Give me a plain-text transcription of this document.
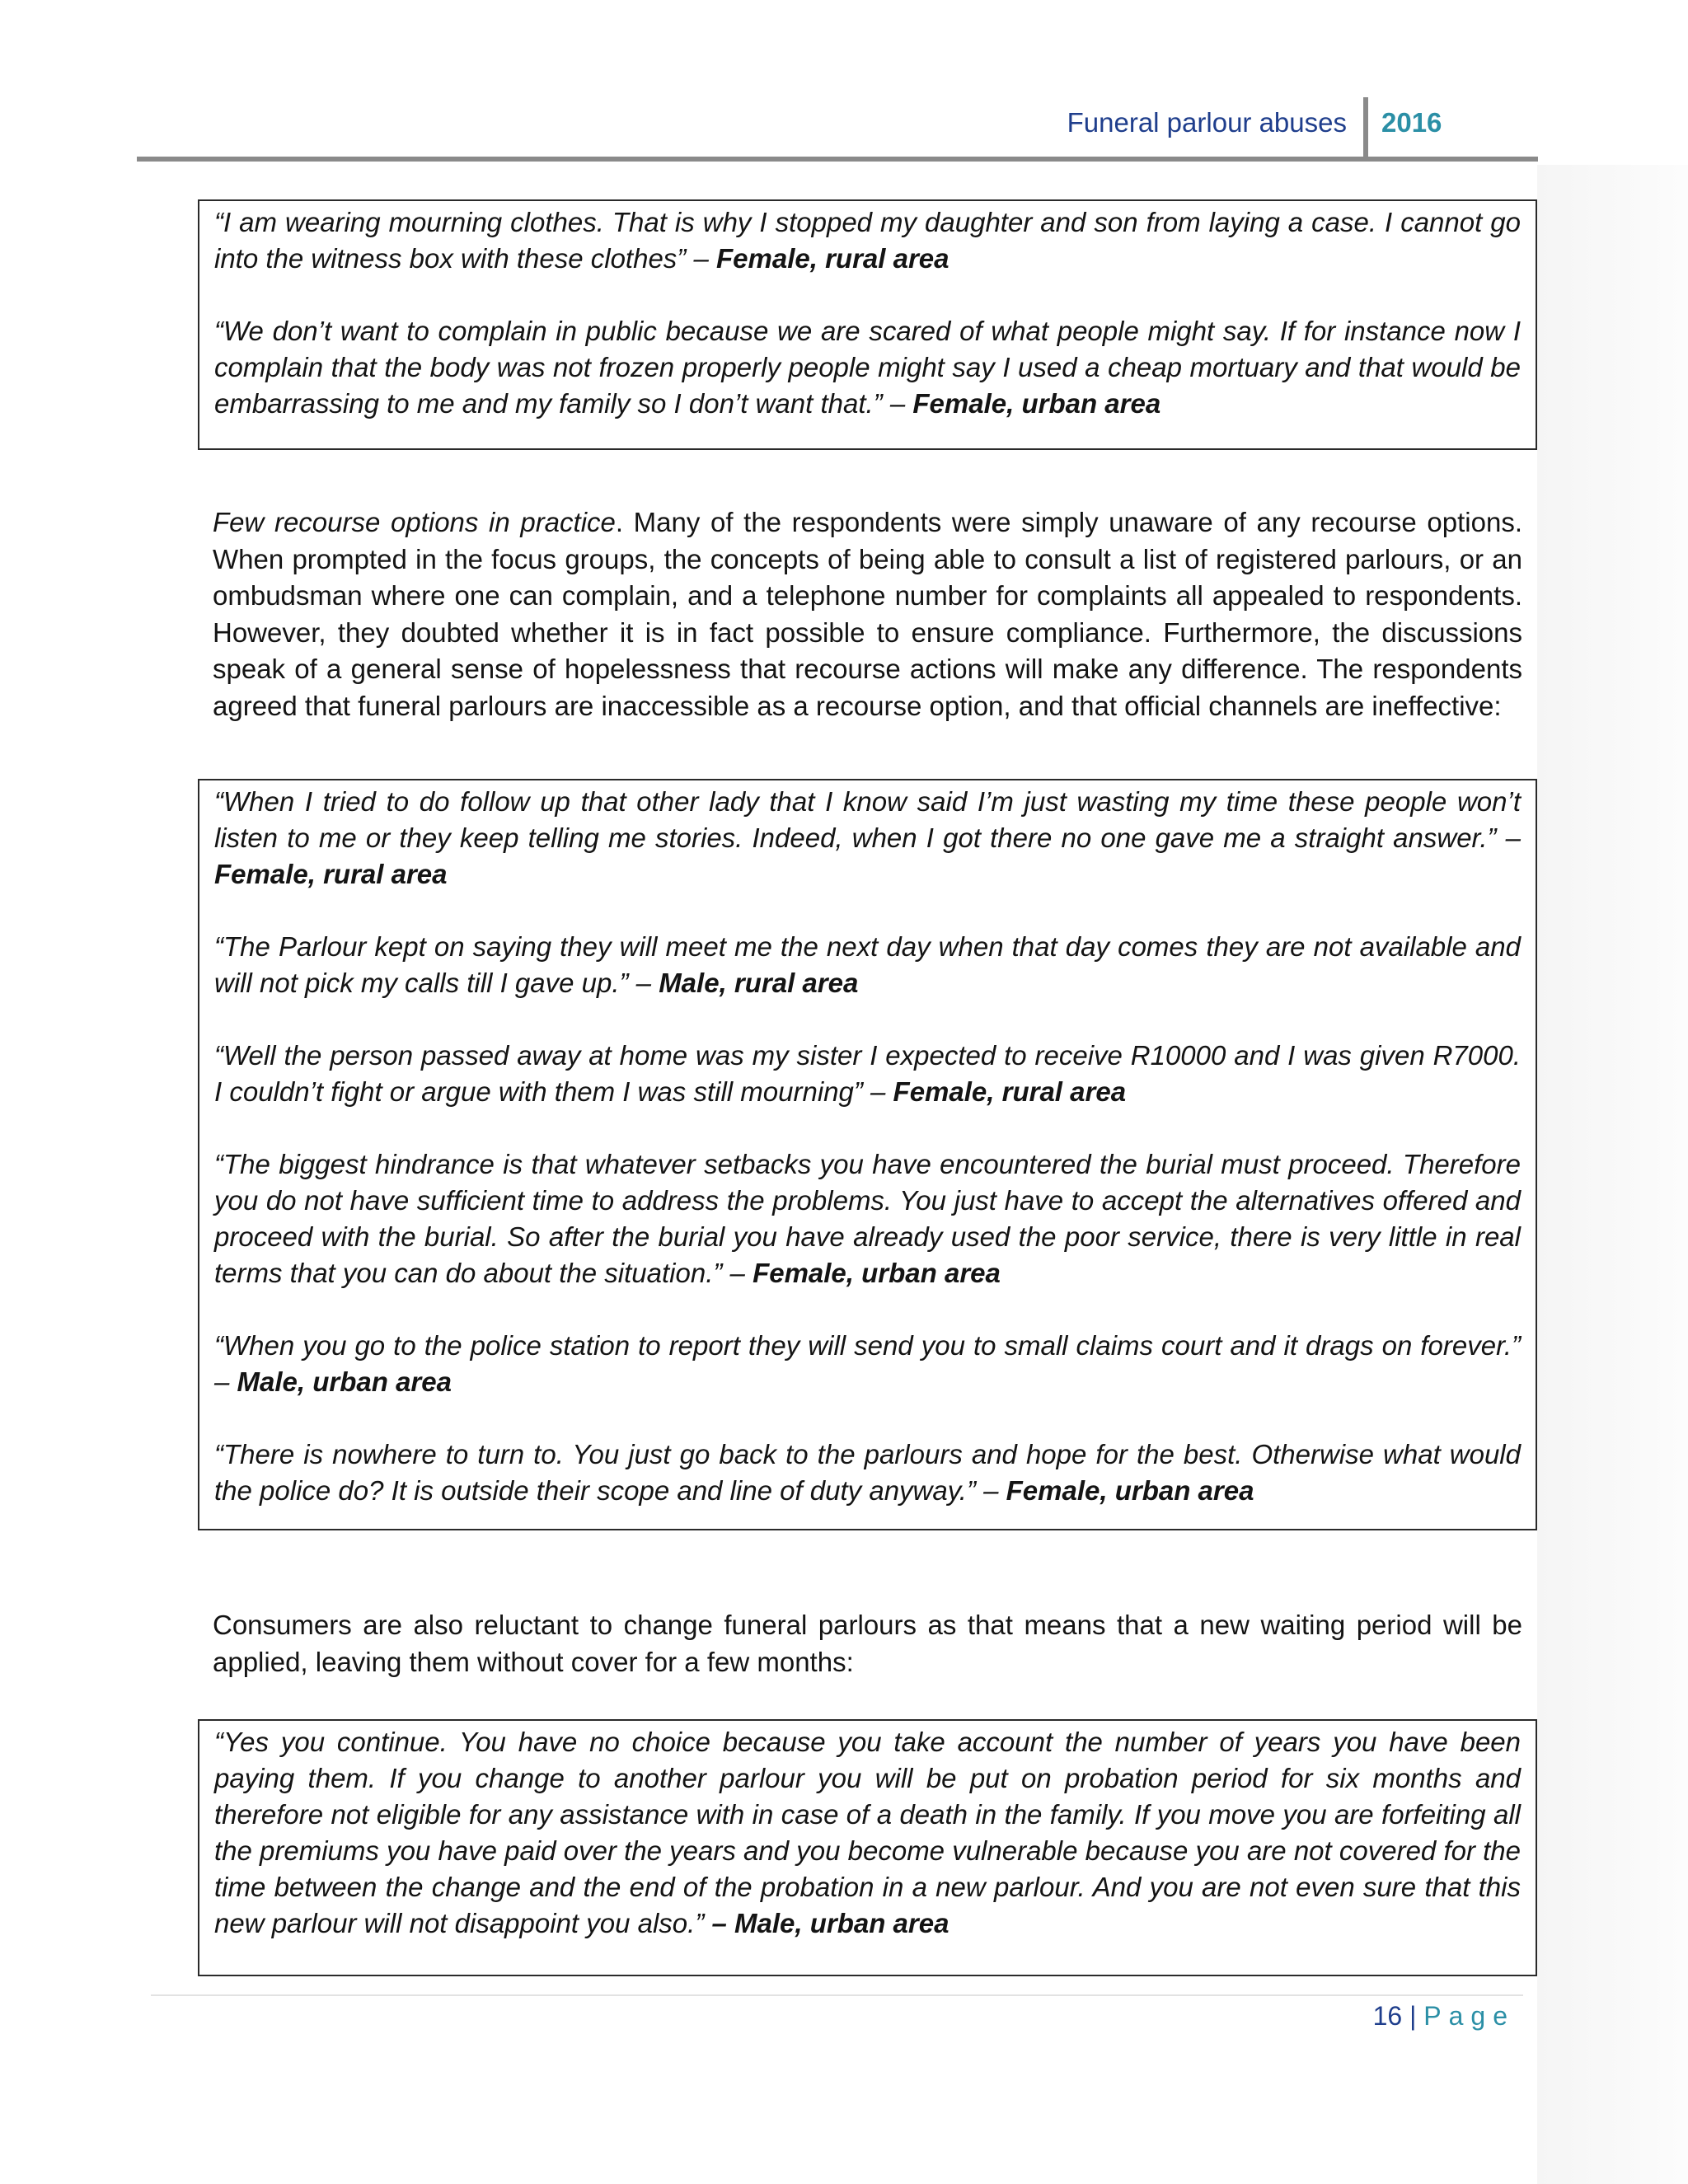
Funeral parlour abuses 2016

“I am wearing mourning clothes. That is why I stopped my daughter and son from laying a case. I cannot go into the witness box with these clothes” – Female, rural area

“We don’t want to complain in public because we are scared of what people might say. If for instance now I complain that the body was not frozen properly people might say I used a cheap mortuary and that would be embarrassing to me and my family so I don’t want that.” – Female, urban area

Few recourse options in practice. Many of the respondents were simply unaware of any recourse options. When prompted in the focus groups, the concepts of being able to consult a list of registered parlours, or an ombudsman where one can complain, and a telephone number for complaints all appealed to respondents. However, they doubted whether it is in fact possible to ensure compliance. Furthermore, the discussions speak of a general sense of hopelessness that recourse actions will make any difference. The respondents agreed that funeral parlours are inaccessible as a recourse option, and that official channels are ineffective:

“When I tried to do follow up that other lady that I know said I’m just wasting my time these people won’t listen to me or they keep telling me stories. Indeed, when I got there no one gave me a straight answer.” – Female, rural area

“The Parlour kept on saying they will meet me the next day when that day comes they are not available and will not pick my calls till I gave up.” – Male, rural area

“Well the person passed away at home was my sister I expected to receive R10000 and I was given R7000. I couldn’t fight or argue with them I was still mourning” – Female, rural area

“The biggest hindrance is that whatever setbacks you have encountered the burial must proceed. Therefore you do not have sufficient time to address the problems. You just have to accept the alternatives offered and proceed with the burial. So after the burial you have already used the poor service, there is very little in real terms that you can do about the situation.” – Female, urban area

“When you go to the police station to report they will send you to small claims court and it drags on forever.” – Male, urban area

“There is nowhere to turn to. You just go back to the parlours and hope for the best. Otherwise what would the police do? It is outside their scope and line of duty anyway.” – Female, urban area

Consumers are also reluctant to change funeral parlours as that means that a new waiting period will be applied, leaving them without cover for a few months:

“Yes you continue. You have no choice because you take account the number of years you have been paying them. If you change to another parlour you will be put on probation period for six months and therefore not eligible for any assistance with in case of a death in the family. If you move you are forfeiting all the premiums you have paid over the years and you become vulnerable because you are not covered for the time between the change and the end of the probation in a new parlour. And you are not even sure that this new parlour will not disappoint you also.” – Male, urban area

16 | Page
